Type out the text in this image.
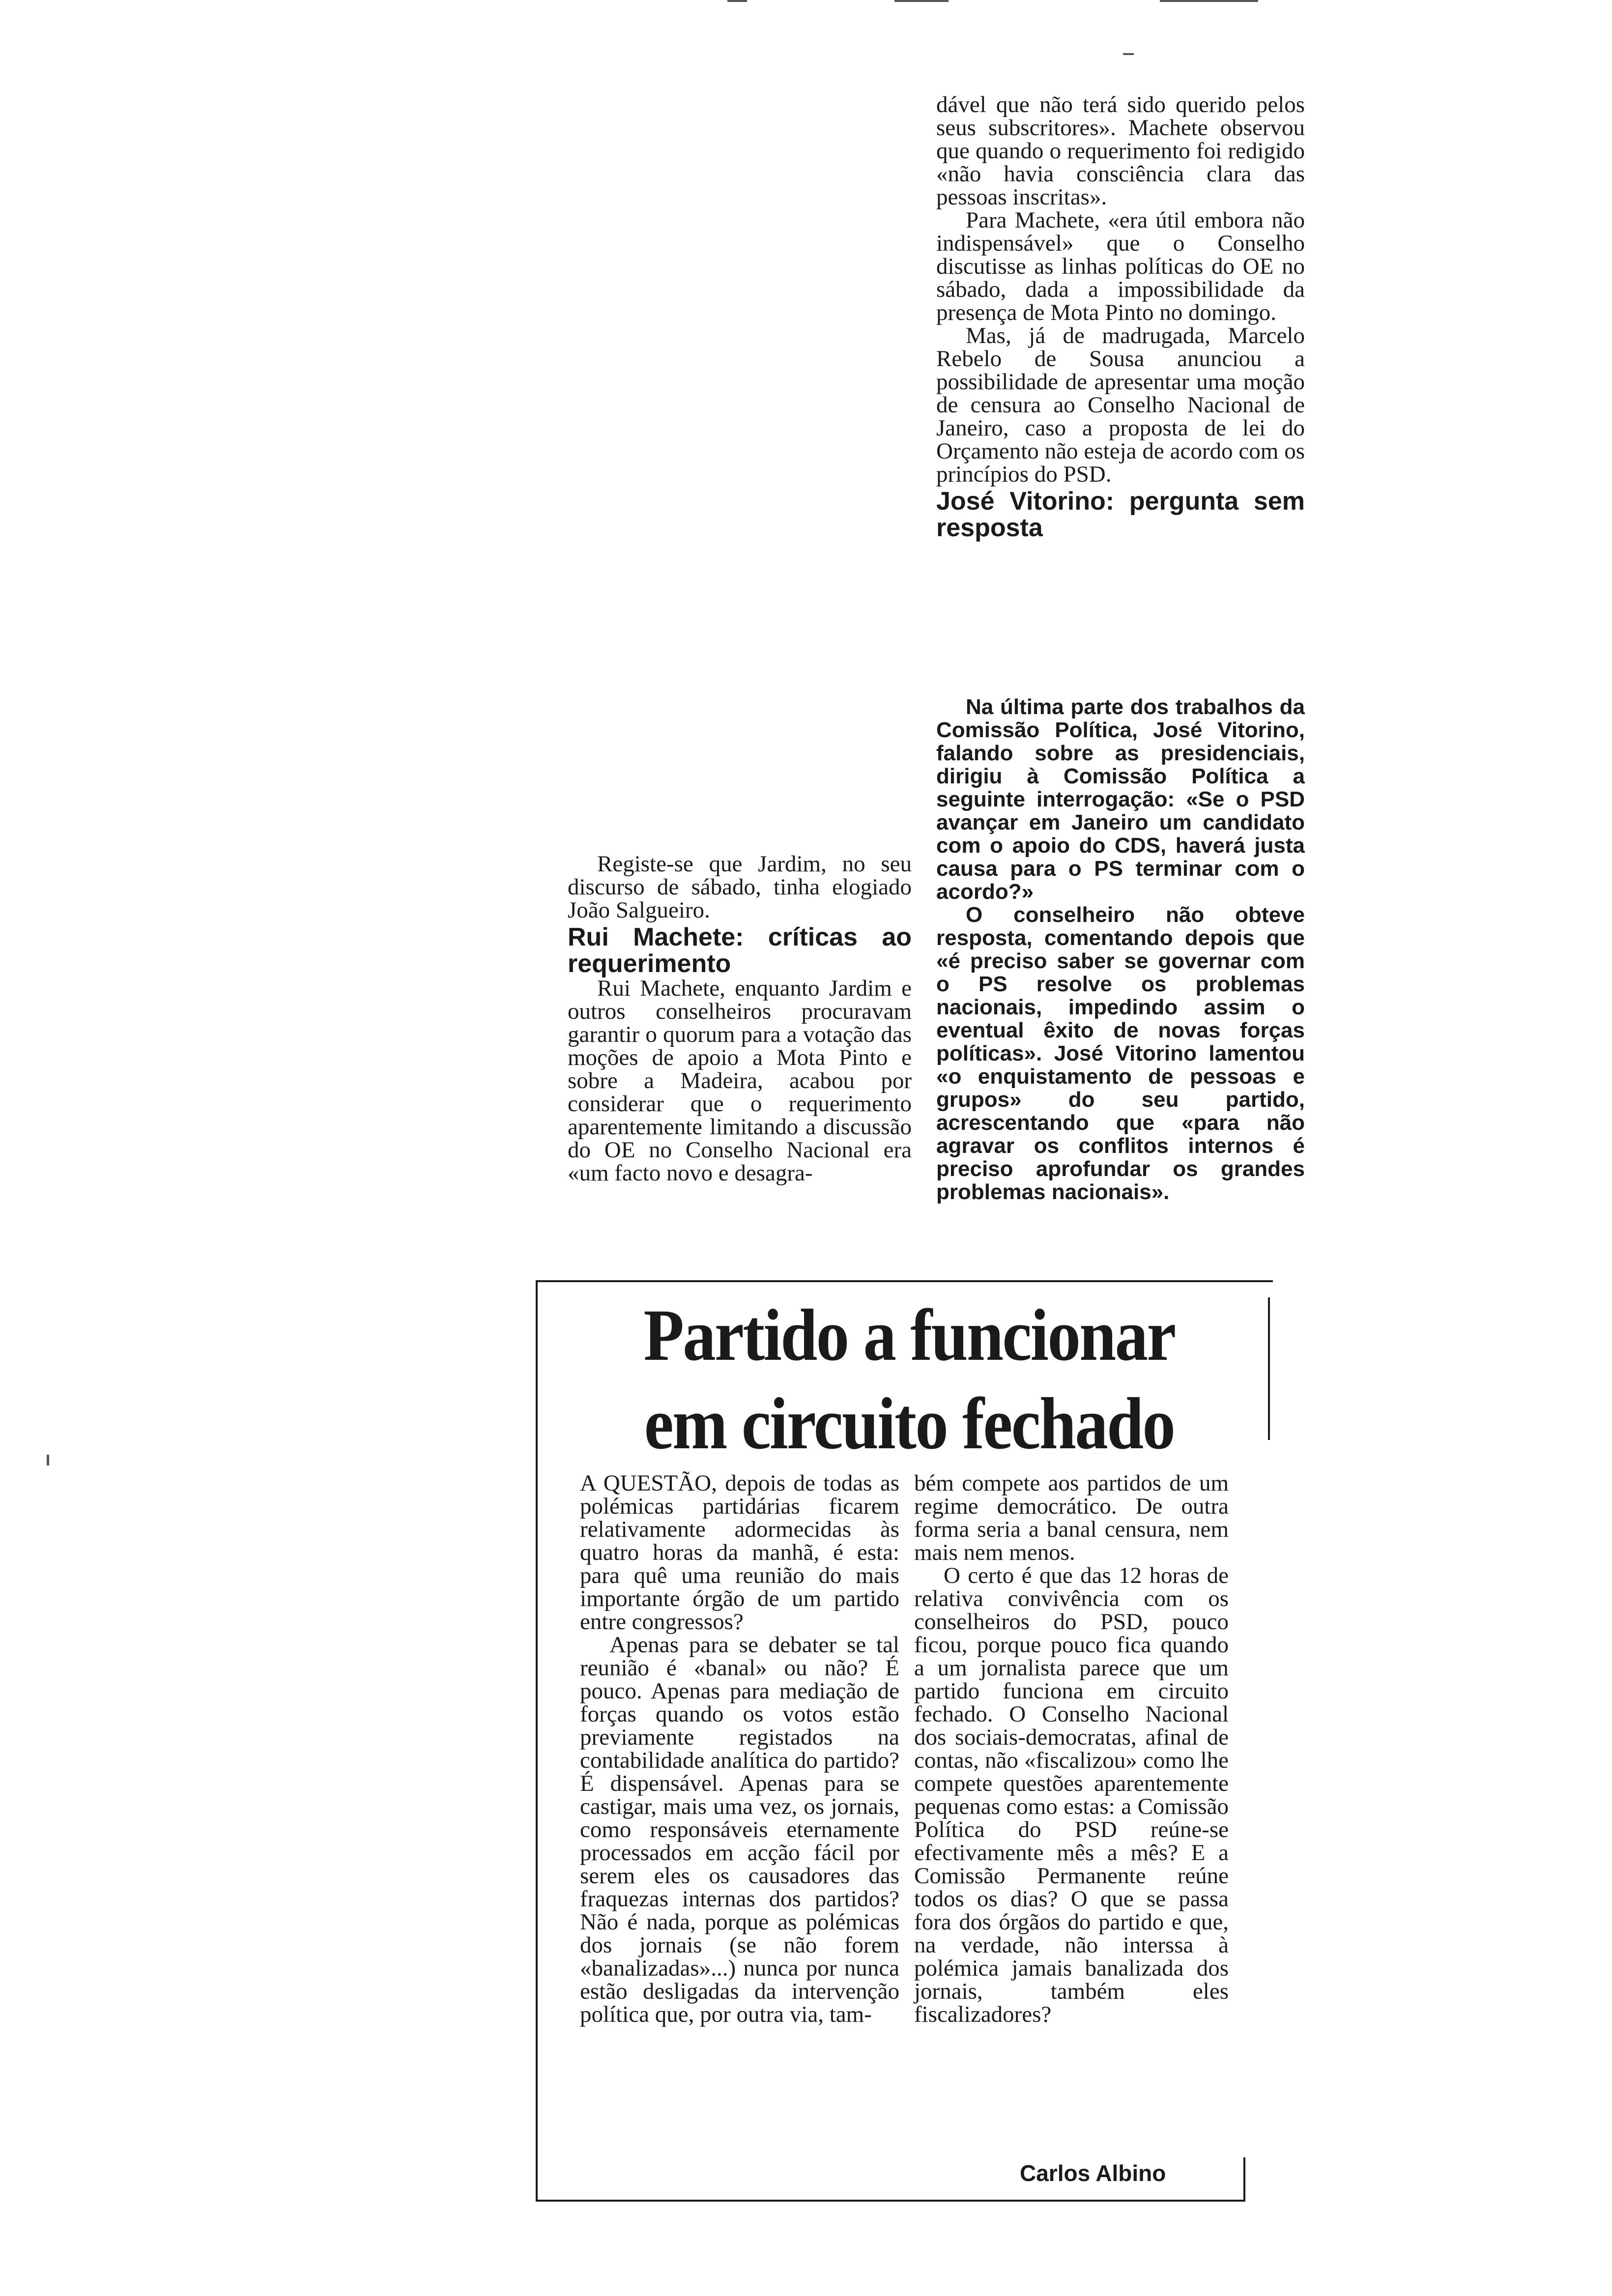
dável que não terá sido querido pelos seus subscritores». Machete observou que quando o requerimento foi redigido «não havia consciência clara das pessoas inscritas».

Para Machete, «era útil embora não indispensável» que o Conselho discutisse as linhas políticas do OE no sábado, dada a impossibilidade da presença de Mota Pinto no domingo.

Mas, já de madrugada, Marcelo Rebelo de Sousa anunciou a possibilidade de apresentar uma moção de censura ao Conselho Nacional de Janeiro, caso a proposta de lei do Orçamento não esteja de acordo com os princípios do PSD.

José Vitorino: pergunta sem resposta

Na última parte dos trabalhos da Comissão Política, José Vitorino, falando sobre as presidenciais, dirigiu à Comissão Política a seguinte interrogação: «Se o PSD avançar em Janeiro um candidato com o apoio do CDS, haverá justa causa para o PS terminar com o acordo?»

O conselheiro não obteve resposta, comentando depois que «é preciso saber se governar com o PS resolve os problemas nacionais, impedindo assim o eventual êxito de novas forças políticas». José Vitorino lamentou «o enquistamento de pessoas e grupos» do seu partido, acrescentando que «para não agravar os conflitos internos é preciso aprofundar os grandes problemas nacionais».

Registe-se que Jardim, no seu discurso de sábado, tinha elogiado João Salgueiro.

Rui Machete: críticas ao requerimento

Rui Machete, enquanto Jardim e outros conselheiros procuravam garantir o quorum para a votação das moções de apoio a Mota Pinto e sobre a Madeira, acabou por considerar que o requerimento aparentemente limitando a discussão do OE no Conselho Nacional era «um facto novo e desagra-

Partido a funcionar
em circuito fechado

A QUESTÃO, depois de todas as polémicas partidárias ficarem relativamente adormecidas às quatro horas da manhã, é esta: para quê uma reunião do mais importante órgão de um partido entre congressos?

Apenas para se debater se tal reunião é «banal» ou não? É pouco. Apenas para mediação de forças quando os votos estão previamente registados na contabilidade analítica do partido? É dispensável. Apenas para se castigar, mais uma vez, os jornais, como responsáveis eternamente processados em acção fácil por serem eles os causadores das fraquezas internas dos partidos? Não é nada, porque as polémicas dos jornais (se não forem «banalizadas»...) nunca por nunca estão desligadas da intervenção política que, por outra via, tam-

bém compete aos partidos de um regime democrático. De outra forma seria a banal censura, nem mais nem menos.

O certo é que das 12 horas de relativa convivência com os conselheiros do PSD, pouco ficou, porque pouco fica quando a um jornalista parece que um partido funciona em circuito fechado. O Conselho Nacional dos sociais-democratas, afinal de contas, não «fiscalizou» como lhe compete questões aparentemente pequenas como estas: a Comissão Política do PSD reúne-se efectivamente mês a mês? E a Comissão Permanente reúne todos os dias? O que se passa fora dos órgãos do partido e que, na verdade, não interssa à polémica jamais banalizada dos jornais, também eles fiscalizadores?

Carlos Albino
